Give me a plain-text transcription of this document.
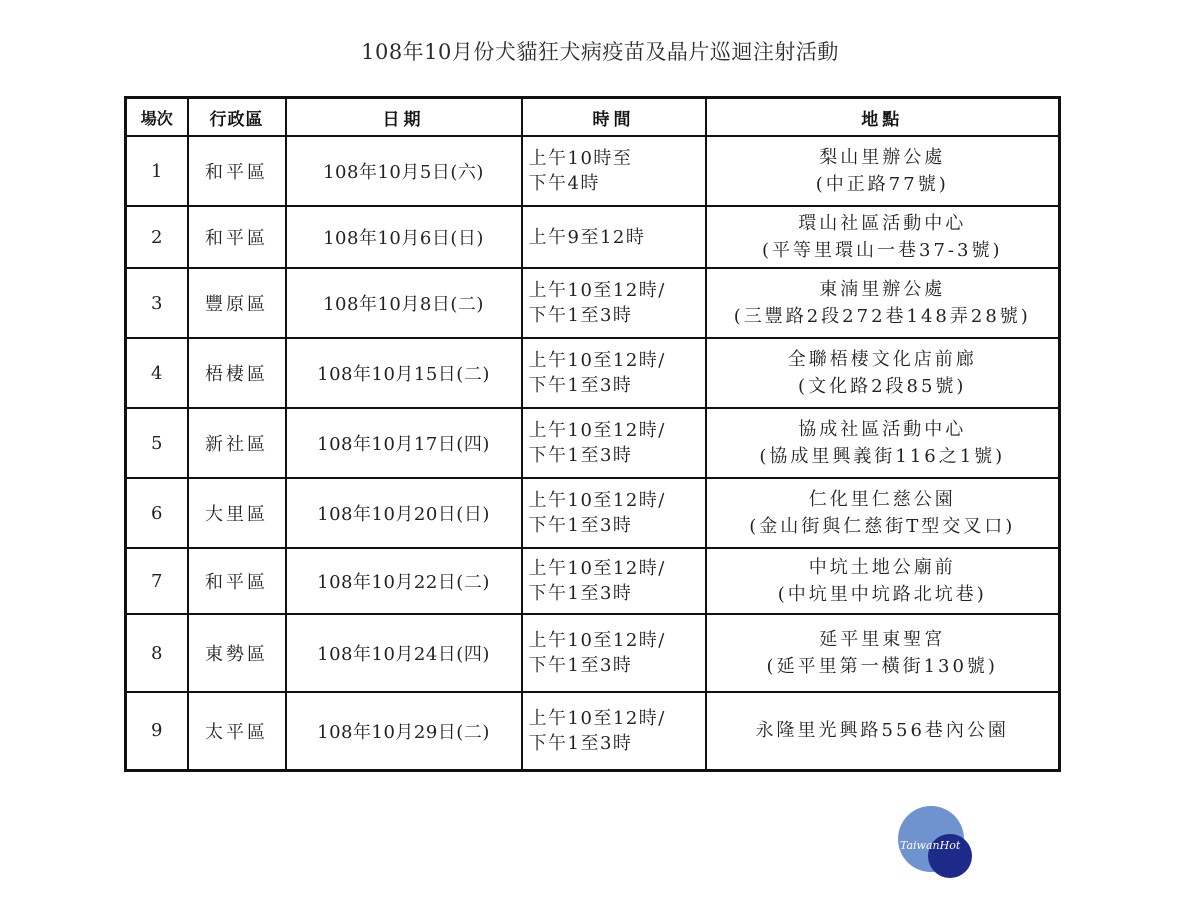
108年10月份犬貓狂犬病疫苗及晶片巡迴注射活動
場次	行政區	日期	時間	地點
1	和平區	108年10月5日(六)	上午10時至
下午4時	梨山里辦公處
(中正路77號)

2	和平區	108年10月6日(日)	上午9至12時	環山社區活動中心
(平等里環山一巷37-3號)

3	豐原區	108年10月8日(二)	上午10至12時/
下午1至3時	東湳里辦公處
(三豐路2段272巷148弄28號)

4	梧棲區	108年10月15日(二)	上午10至12時/
下午1至3時	全聯梧棲文化店前廊
(文化路2段85號)

5	新社區	108年10月17日(四)	上午10至12時/
下午1至3時	協成社區活動中心
(協成里興義街116之1號)

6	大里區	108年10月20日(日)	上午10至12時/
下午1至3時	仁化里仁慈公園
(金山街與仁慈街T型交叉口)

7	和平區	108年10月22日(二)	上午10至12時/
下午1至3時	中坑土地公廟前
(中坑里中坑路北坑巷)

8	東勢區	108年10月24日(四)	上午10至12時/
下午1至3時	延平里東聖宮
(延平里第一橫街130號)

9	太平區	108年10月29日(二)	上午10至12時/
下午1至3時	永隆里光興路556巷內公園
TaiwanHot
